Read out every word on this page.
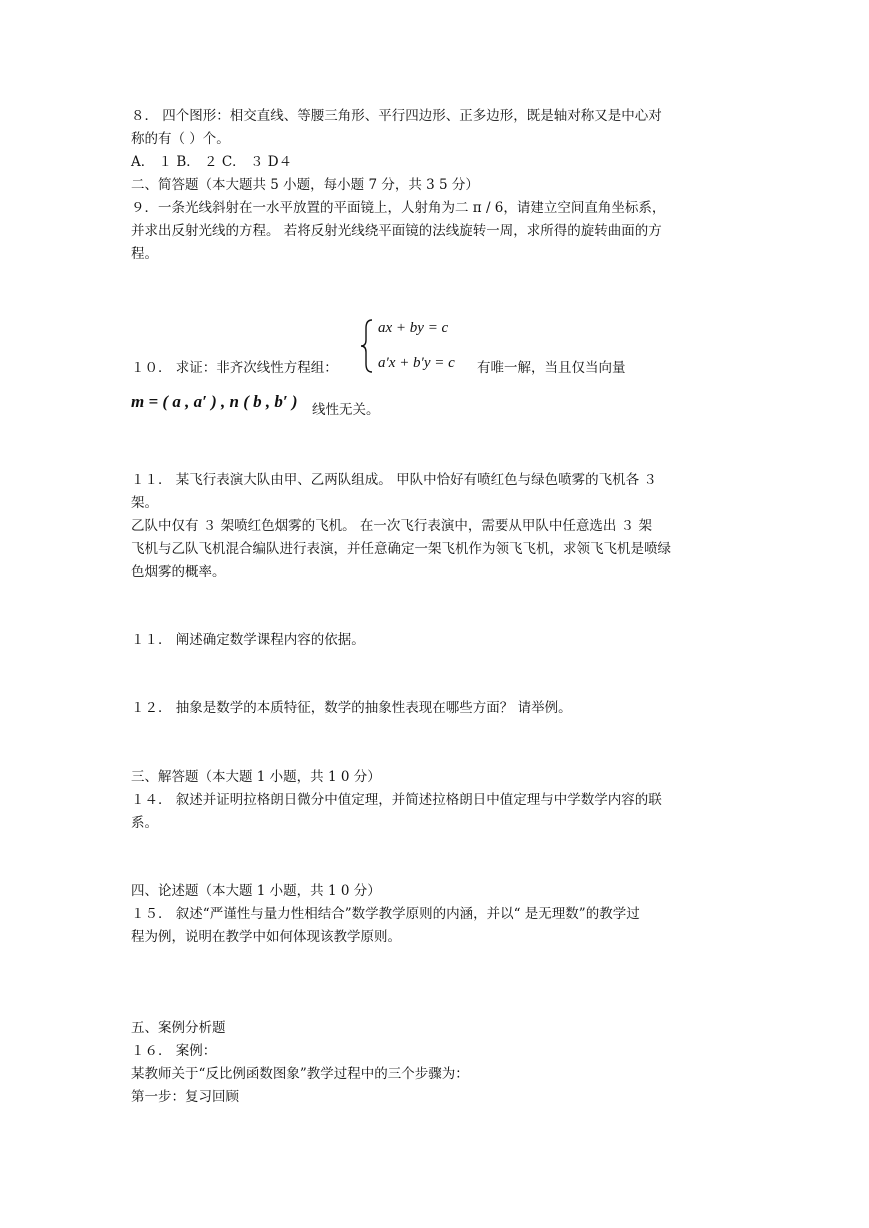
８． 四个图形：相交直线、等腰三角形、平行四边形、正多边形，既是轴对称又是中心对
称的有（ ）个。
A． １ B． ２ C． ３ D４
二、简答题（本大题共 5 小题，每小题 7 分，共 3 5 分）
９．一条光线斜射在一水平放置的平面镜上，人射角为二 π / 6，请建立空间直角坐标系，
并求出反射光线的方程。 若将反射光线绕平面镜的法线旋转一周，求所得的旋转曲面的方
程。
ax + by = c
a′x + b′y = c
１０． 求证：非齐次线性方程组：	有唯一解，当且仅当向量
m = ( a , a′ ) , n ( b , b′ ) 线性无关。
１１． 某飞行表演大队由甲、乙两队组成。 甲队中恰好有喷红色与绿色喷雾的飞机各 ３
架。
乙队中仅有 ３ 架喷红色烟雾的飞机。 在一次飞行表演中，需要从甲队中任意选出 ３ 架
飞机与乙队飞机混合编队进行表演，并任意确定一架飞机作为领飞飞机，求领飞飞机是喷绿
色烟雾的概率。
１１． 阐述确定数学课程内容的依据。
１２． 抽象是数学的本质特征，数学的抽象性表现在哪些方面？ 请举例。
三、解答题（本大题 1 小题，共 1 0 分）
１４． 叙述并证明拉格朗日微分中值定理，并简述拉格朗日中值定理与中学数学内容的联
系。
四、论述题（本大题 1 小题，共 1 0 分）
１５． 叙述“严谨性与量力性相结合”数学教学原则的内涵，并以“ 是无理数”的教学过
程为例，说明在教学中如何体现该教学原则。
五、案例分析题
１６． 案例：
某教师关于“反比例函数图象”教学过程中的三个步骤为：
第一步：复习回顾
